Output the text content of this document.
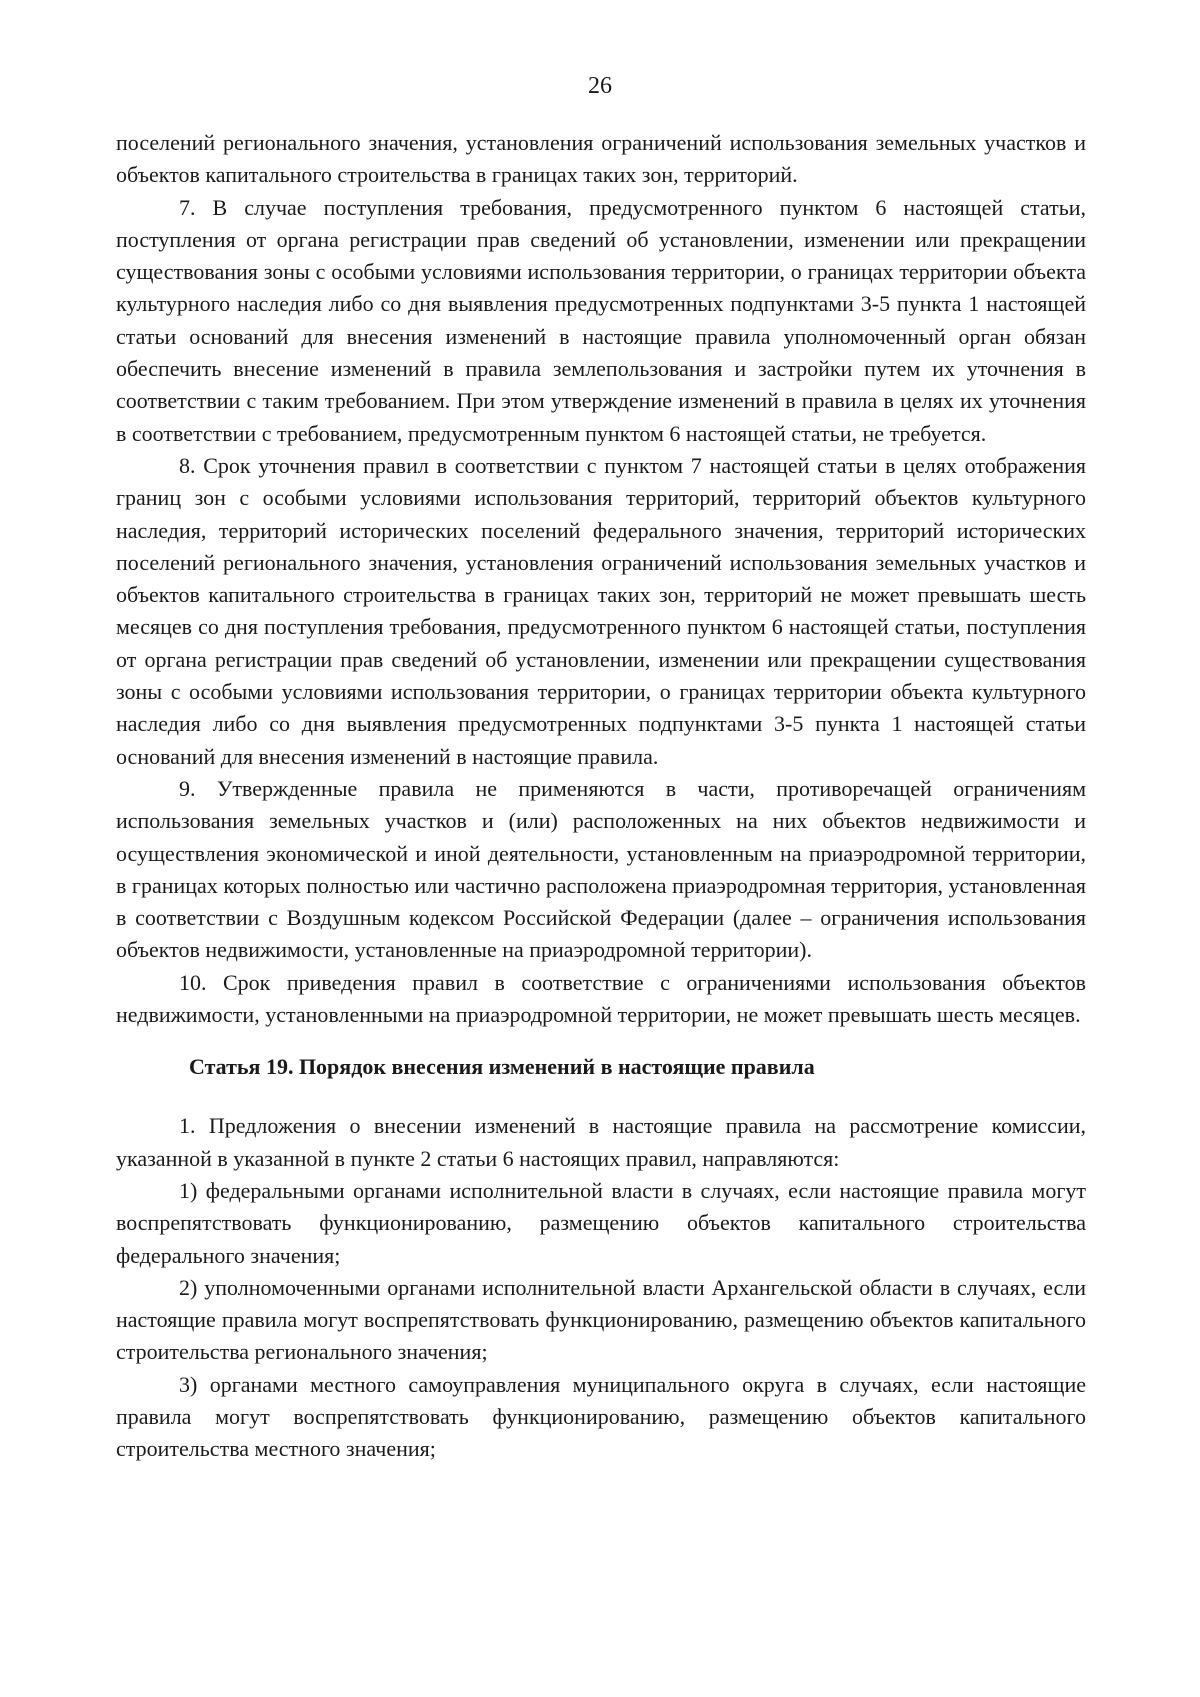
26

поселений регионального значения, установления ограничений использования земельных участков и объектов капитального строительства в границах таких зон, территорий.

7. В случае поступления требования, предусмотренного пунктом 6 настоящей статьи, поступления от органа регистрации прав сведений об установлении, изменении или прекращении существования зоны с особыми условиями использования территории, о границах территории объекта культурного наследия либо со дня выявления предусмотренных подпунктами 3-5 пункта 1 настоящей статьи оснований для внесения изменений в настоящие правила уполномоченный орган обязан обеспечить внесение изменений в правила землепользования и застройки путем их уточнения в соответствии с таким требованием. При этом утверждение изменений в правила в целях их уточнения в соответствии с требованием, предусмотренным пунктом 6 настоящей статьи, не требуется.

8. Срок уточнения правил в соответствии с пунктом 7 настоящей статьи в целях отображения границ зон с особыми условиями использования территорий, территорий объектов культурного наследия, территорий исторических поселений федерального значения, территорий исторических поселений регионального значения, установления ограничений использования земельных участков и объектов капитального строительства в границах таких зон, территорий не может превышать шесть месяцев со дня поступления требования, предусмотренного пунктом 6 настоящей статьи, поступления от органа регистрации прав сведений об установлении, изменении или прекращении существования зоны с особыми условиями использования территории, о границах территории объекта культурного наследия либо со дня выявления предусмотренных подпунктами 3-5 пункта 1 настоящей статьи оснований для внесения изменений в настоящие правила.

9. Утвержденные правила не применяются в части, противоречащей ограничениям использования земельных участков и (или) расположенных на них объектов недвижимости и осуществления экономической и иной деятельности, установленным на приаэродромной территории, в границах которых полностью или частично расположена приаэродромная территория, установленная в соответствии с Воздушным кодексом Российской Федерации (далее – ограничения использования объектов недвижимости, установленные на приаэродромной территории).

10. Срок приведения правил в соответствие с ограничениями использования объектов недвижимости, установленными на приаэродромной территории, не может превышать шесть месяцев.

Статья 19. Порядок внесения изменений в настоящие правила

1. Предложения о внесении изменений в настоящие правила на рассмотрение комиссии, указанной в указанной в пункте 2 статьи 6 настоящих правил, направляются:

1) федеральными органами исполнительной власти в случаях, если настоящие правила могут воспрепятствовать функционированию, размещению объектов капитального строительства федерального значения;

2) уполномоченными органами исполнительной власти Архангельской области в случаях, если настоящие правила могут воспрепятствовать функционированию, размещению объектов капитального строительства регионального значения;

3) органами местного самоуправления муниципального округа в случаях, если настоящие правила могут воспрепятствовать функционированию, размещению объектов капитального строительства местного значения;
